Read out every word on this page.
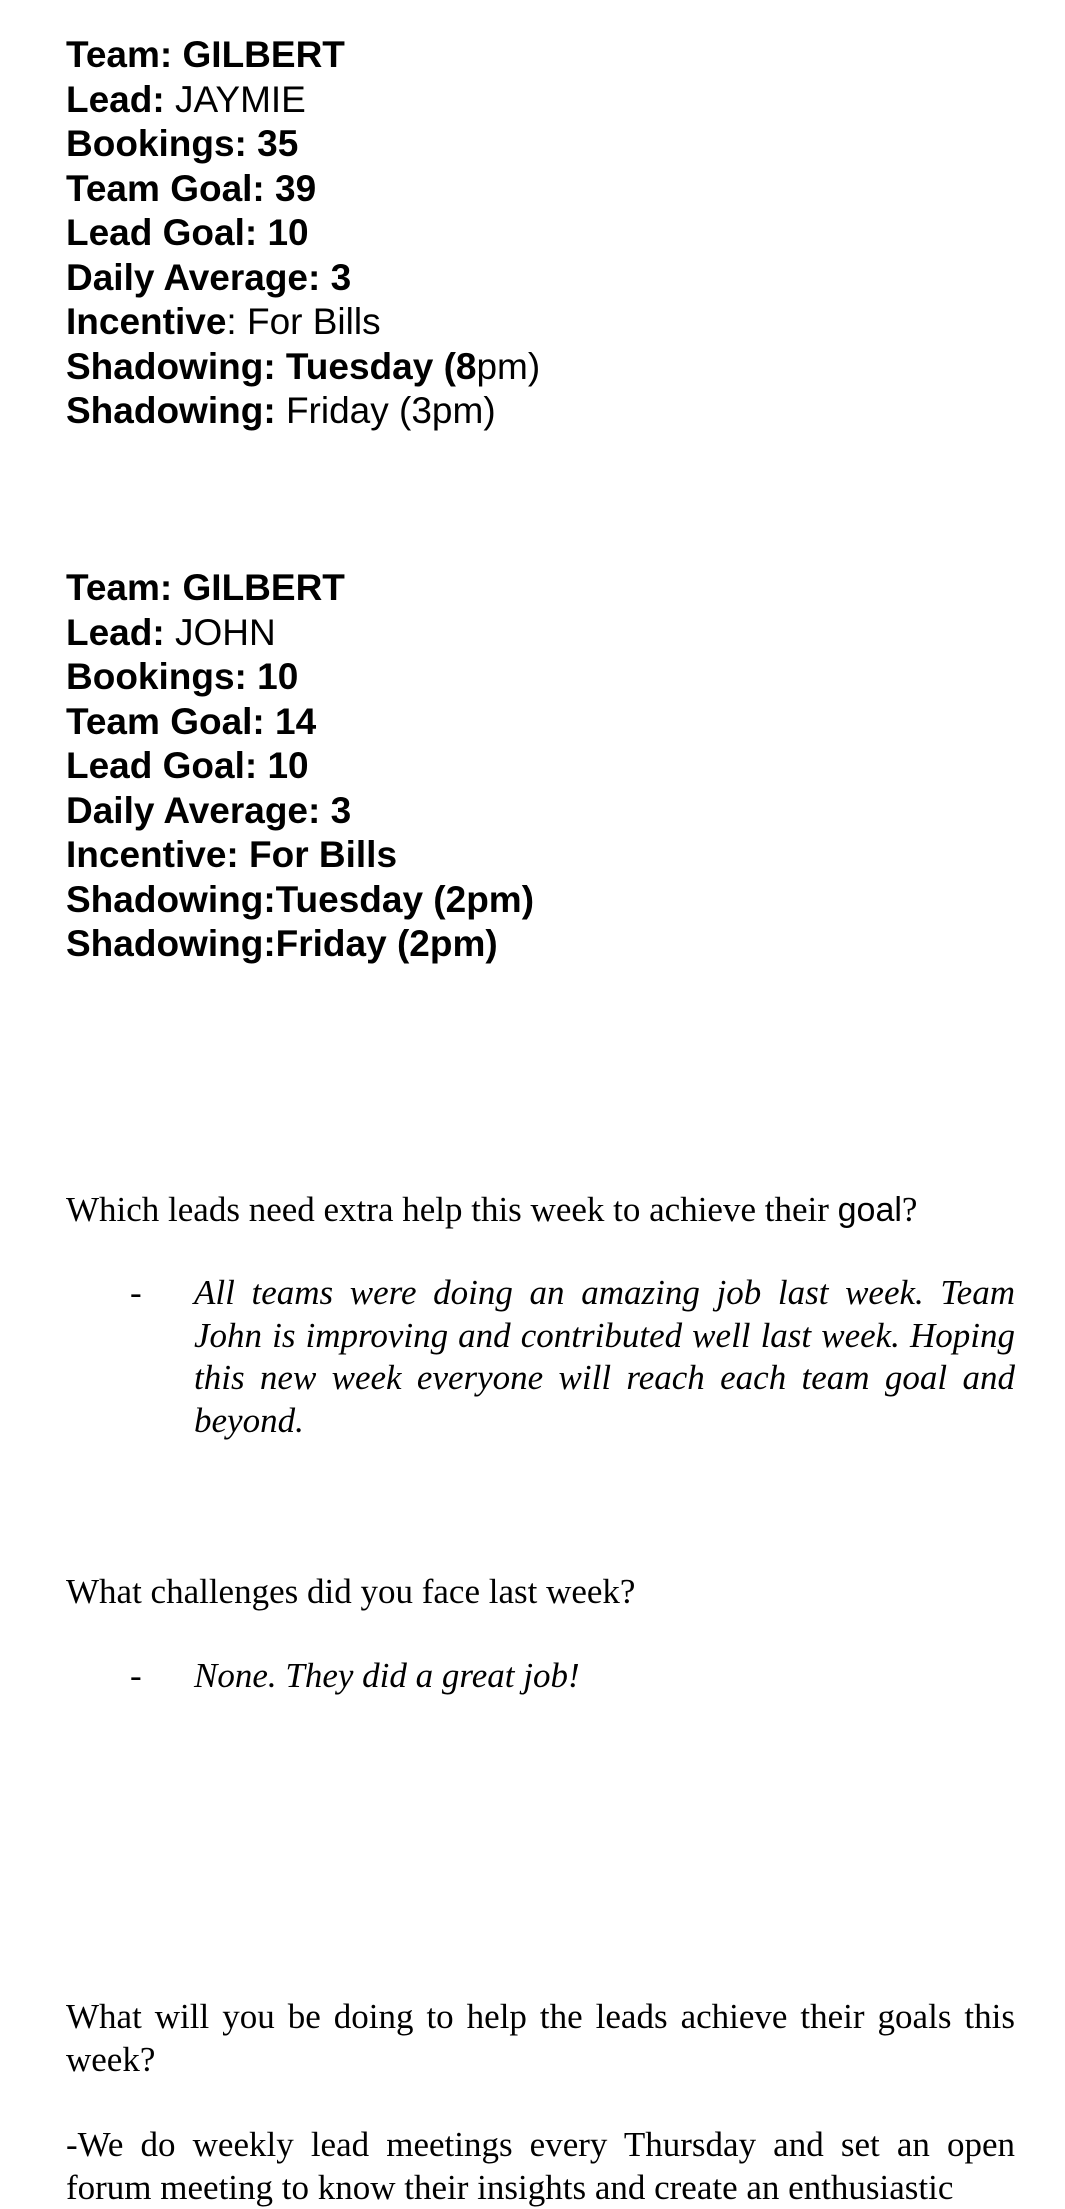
Team: GILBERT
Lead: JAYMIE
Bookings: 35
Team Goal: 39
Lead Goal: 10
Daily Average: 3
Incentive: For Bills
Shadowing: Tuesday (8pm)
Shadowing: Friday (3pm)
Team: GILBERT
Lead: JOHN
Bookings: 10
Team Goal: 14
Lead Goal: 10
Daily Average: 3
Incentive: For Bills
Shadowing:Tuesday (2pm)
Shadowing:Friday (2pm)
Which leads need extra help this week to achieve their goal?
-	All teams were doing an amazing job last week. Team John is improving and contributed well last week. Hoping this new week everyone will reach each team goal and beyond.
What challenges did you face last week?
-	None. They did a great job!
What will you be doing to help the leads achieve their goals this week?
-We do weekly lead meetings every Thursday and set an open forum meeting to know their insights and create an enthusiastic
